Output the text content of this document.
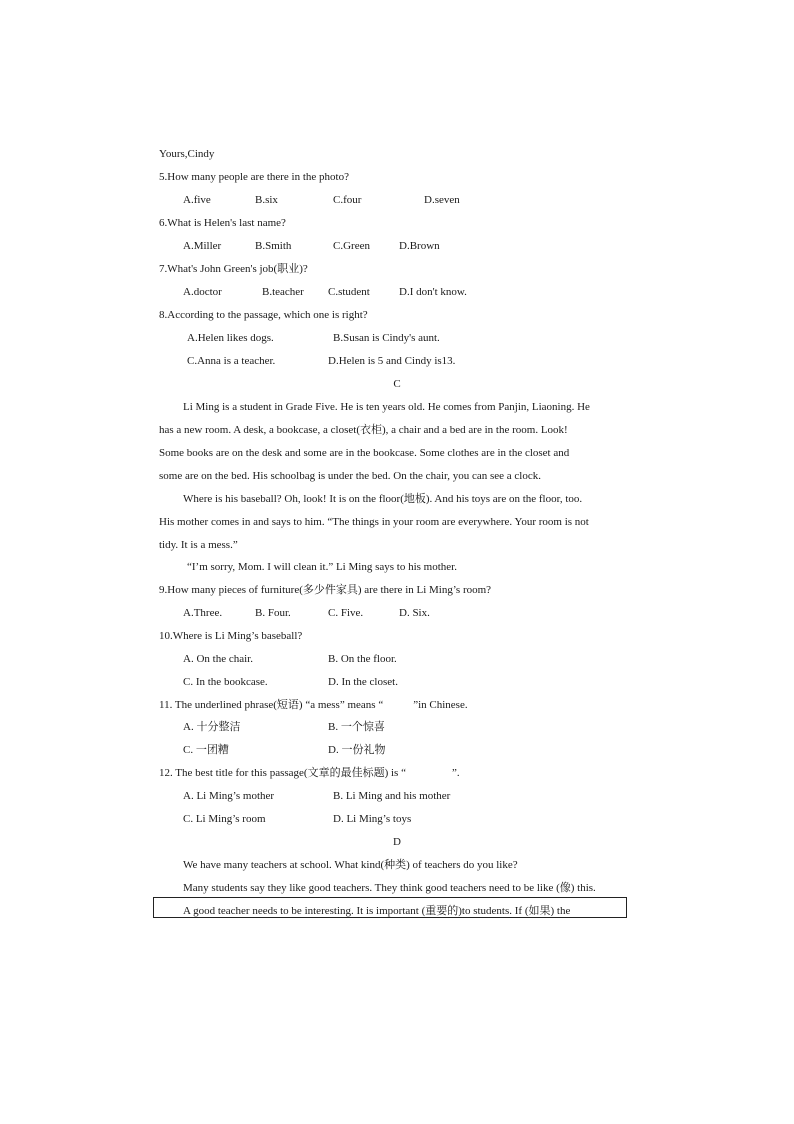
Yours,Cindy
5.How many people are there in the photo?
A.five	B.six	C.four	D.seven
6.What is Helen's last name?
A.Miller	B.Smith	C.Green	D.Brown
7.What's John Green's job(职业)?
A.doctor	B.teacher C.student	D.I don't know.
8.According to the passage, which one is right?
A.Helen likes dogs.	B.Susan is Cindy's aunt.
C.Anna is a teacher.	D.Helen is 5 and Cindy is13.
C
Li Ming is a student in Grade Five. He is ten years old. He comes from Panjin, Liaoning. He
has a new room. A desk, a bookcase, a closet(衣柜), a chair and a bed are in the room. Look!
Some books are on the desk and some are in the bookcase. Some clothes are in the closet and
some are on the bed. His schoolbag is under the bed. On the chair, you can see a clock.
Where is his baseball? Oh, look! It is on the floor(地板). And his toys are on the floor, too.
His mother comes in and says to him. “The things in your room are everywhere. Your room is not
tidy. It is a mess.”
“I’m sorry, Mom. I will clean it.” Li Ming says to his mother.
9.How many pieces of furniture(多少件家具) are there in Li Ming’s room?
A.Three.	B. Four.	C. Five.	D. Six.
10.Where is Li Ming’s baseball?
A. On the chair.	B. On the floor.
C. In the bookcase.	D. In the closet.
11. The underlined phrase(短语) “a mess” means “	”in Chinese.
A. 十分整洁	B. 一个惊喜
C. 一团糟	D. 一份礼物
12. The best title for this passage(文章的最佳标题) is “	”.
A. Li Ming’s mother	B. Li Ming and his mother
C. Li Ming’s room	D. Li Ming’s toys
D
We have many teachers at school. What kind(种类) of teachers do you like?
Many students say they like good teachers. They think good teachers need to be like (像) this.
A good teacher needs to be interesting. It is important (重要的)to students. If (如果) the
